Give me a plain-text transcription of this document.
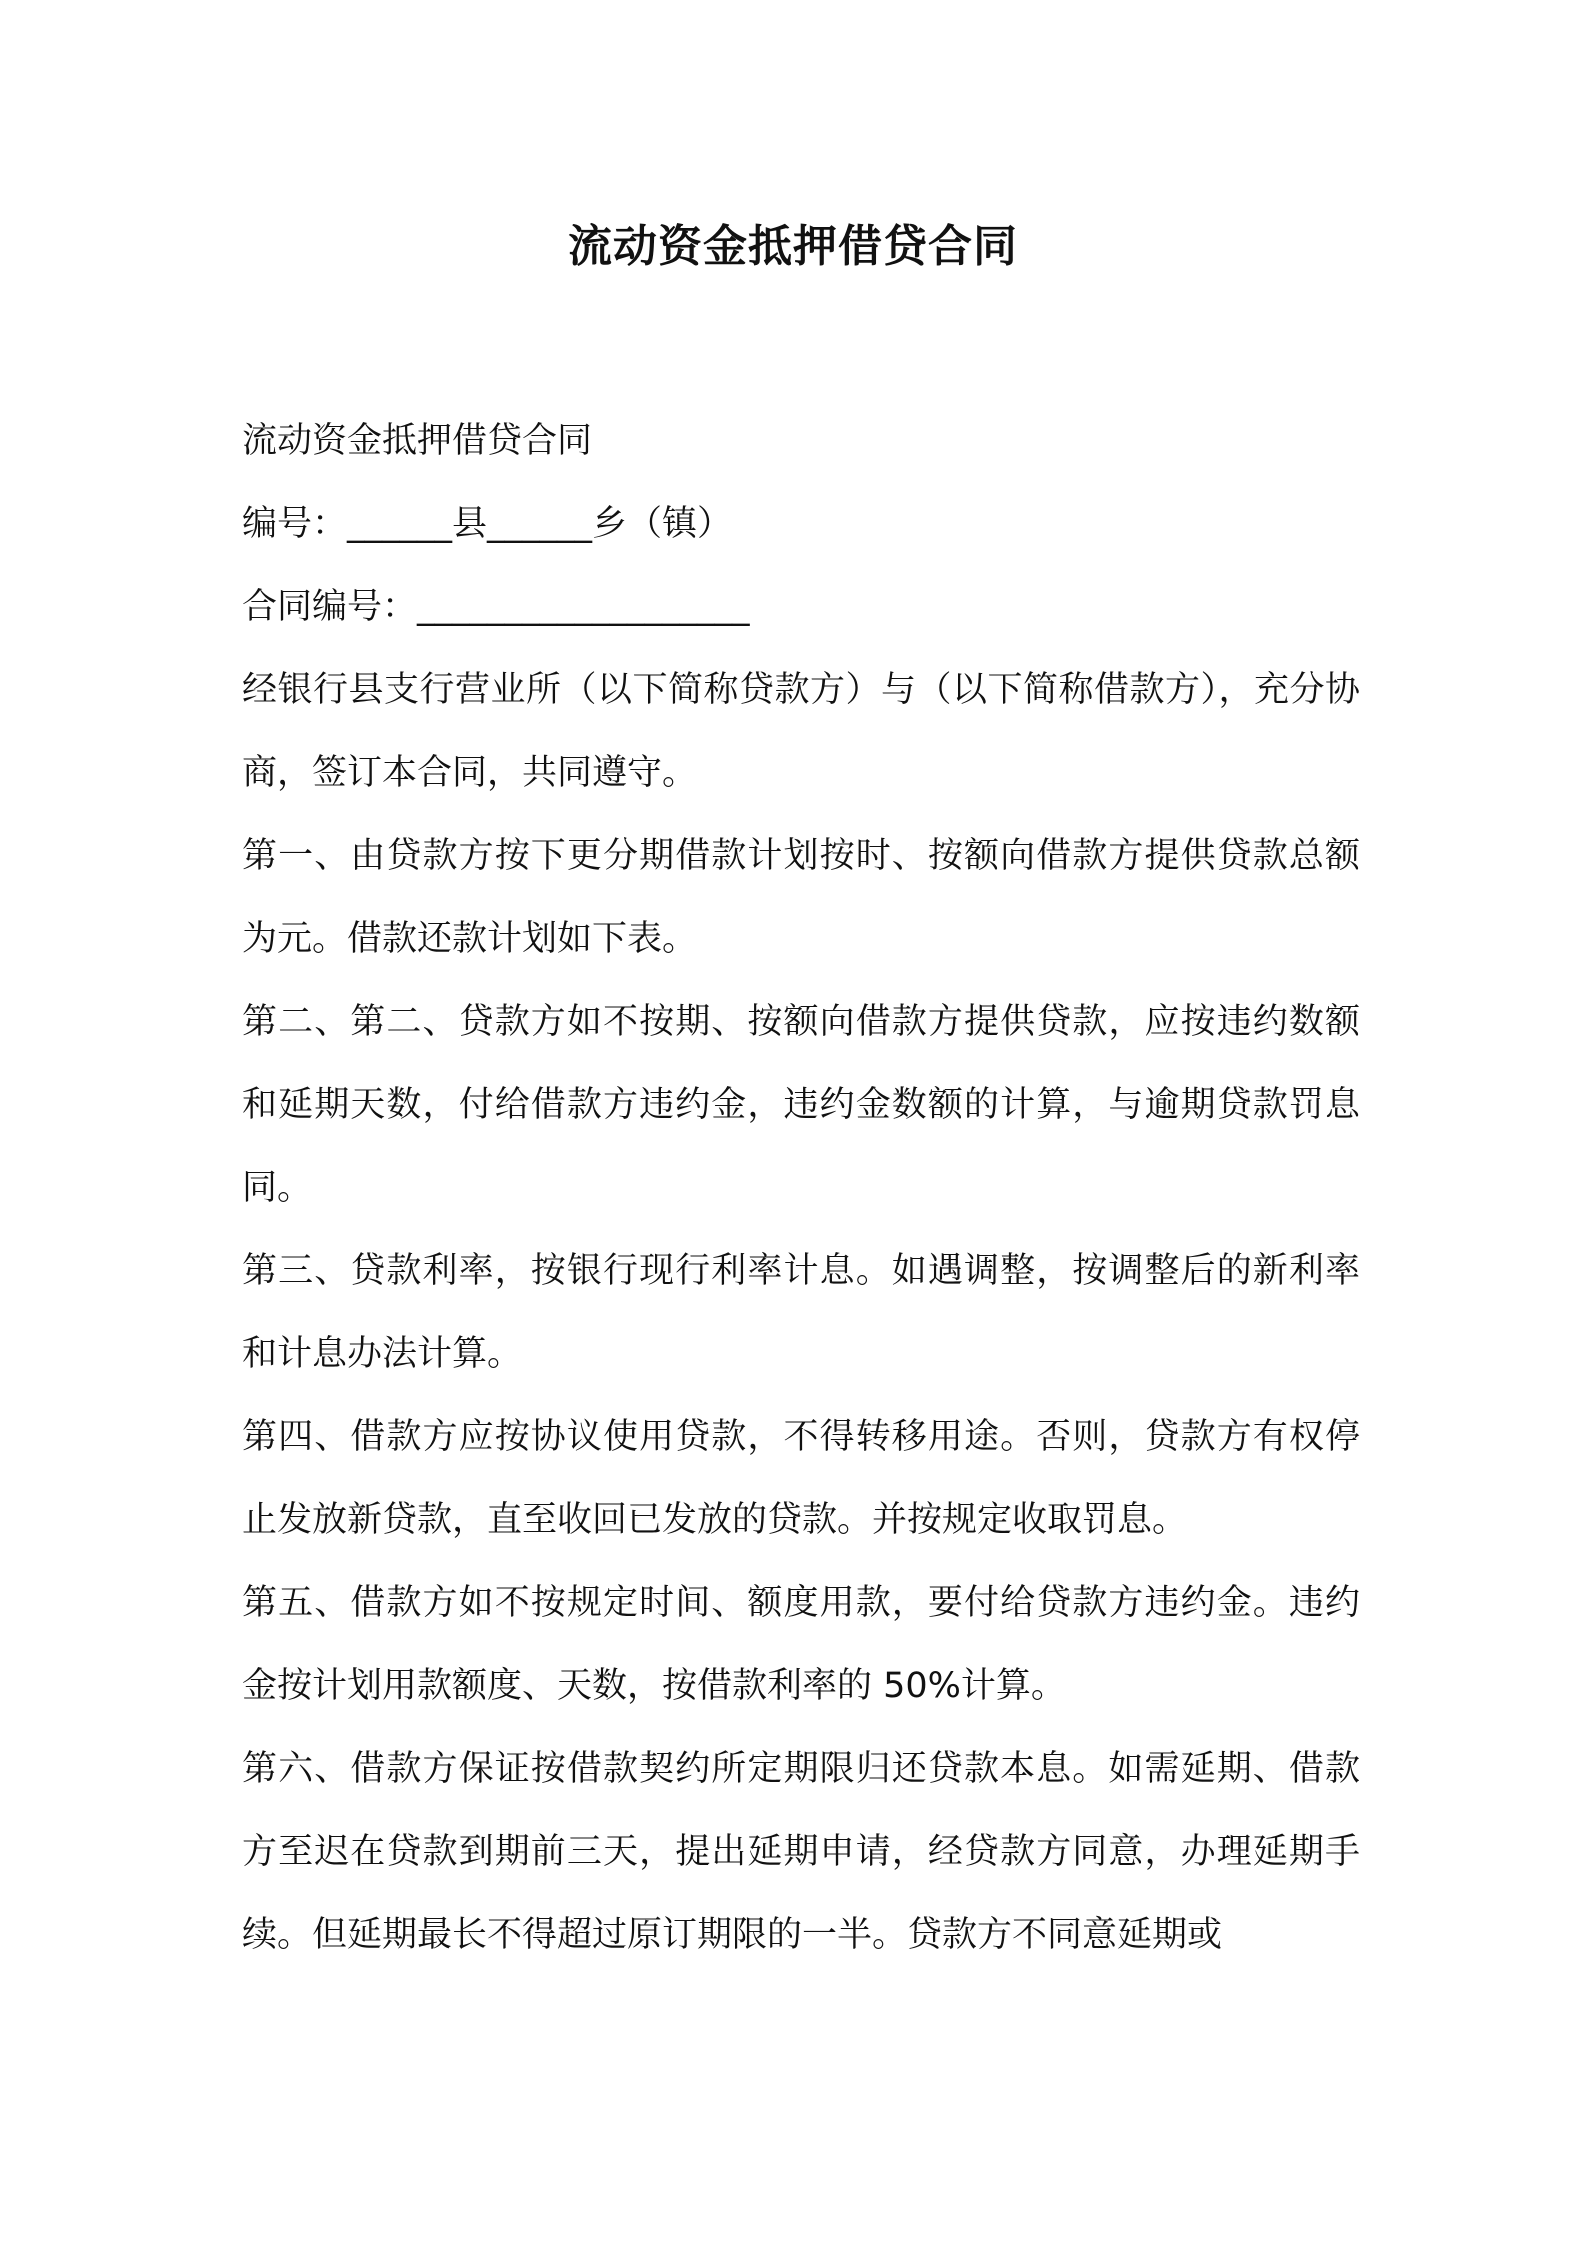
流动资金抵押借贷合同

流动资金抵押借贷合同

编号：______县______乡（镇）

合同编号：___________________

经银行县支行营业所（以下简称贷款方）与（以下简称借款方），充分协商，签订本合同，共同遵守。

第一、由贷款方按下更分期借款计划按时、按额向借款方提供贷款总额为元。借款还款计划如下表。

第二、第二、贷款方如不按期、按额向借款方提供贷款，应按违约数额和延期天数，付给借款方违约金，违约金数额的计算，与逾期贷款罚息同。

第三、贷款利率，按银行现行利率计息。如遇调整，按调整后的新利率和计息办法计算。

第四、借款方应按协议使用贷款，不得转移用途。否则，贷款方有权停止发放新贷款，直至收回已发放的贷款。并按规定收取罚息。

第五、借款方如不按规定时间、额度用款，要付给贷款方违约金。违约金按计划用款额度、天数，按借款利率的 50%计算。

第六、借款方保证按借款契约所定期限归还贷款本息。如需延期、借款方至迟在贷款到期前三天，提出延期申请，经贷款方同意，办理延期手续。但延期最长不得超过原订期限的一半。贷款方不同意延期或
